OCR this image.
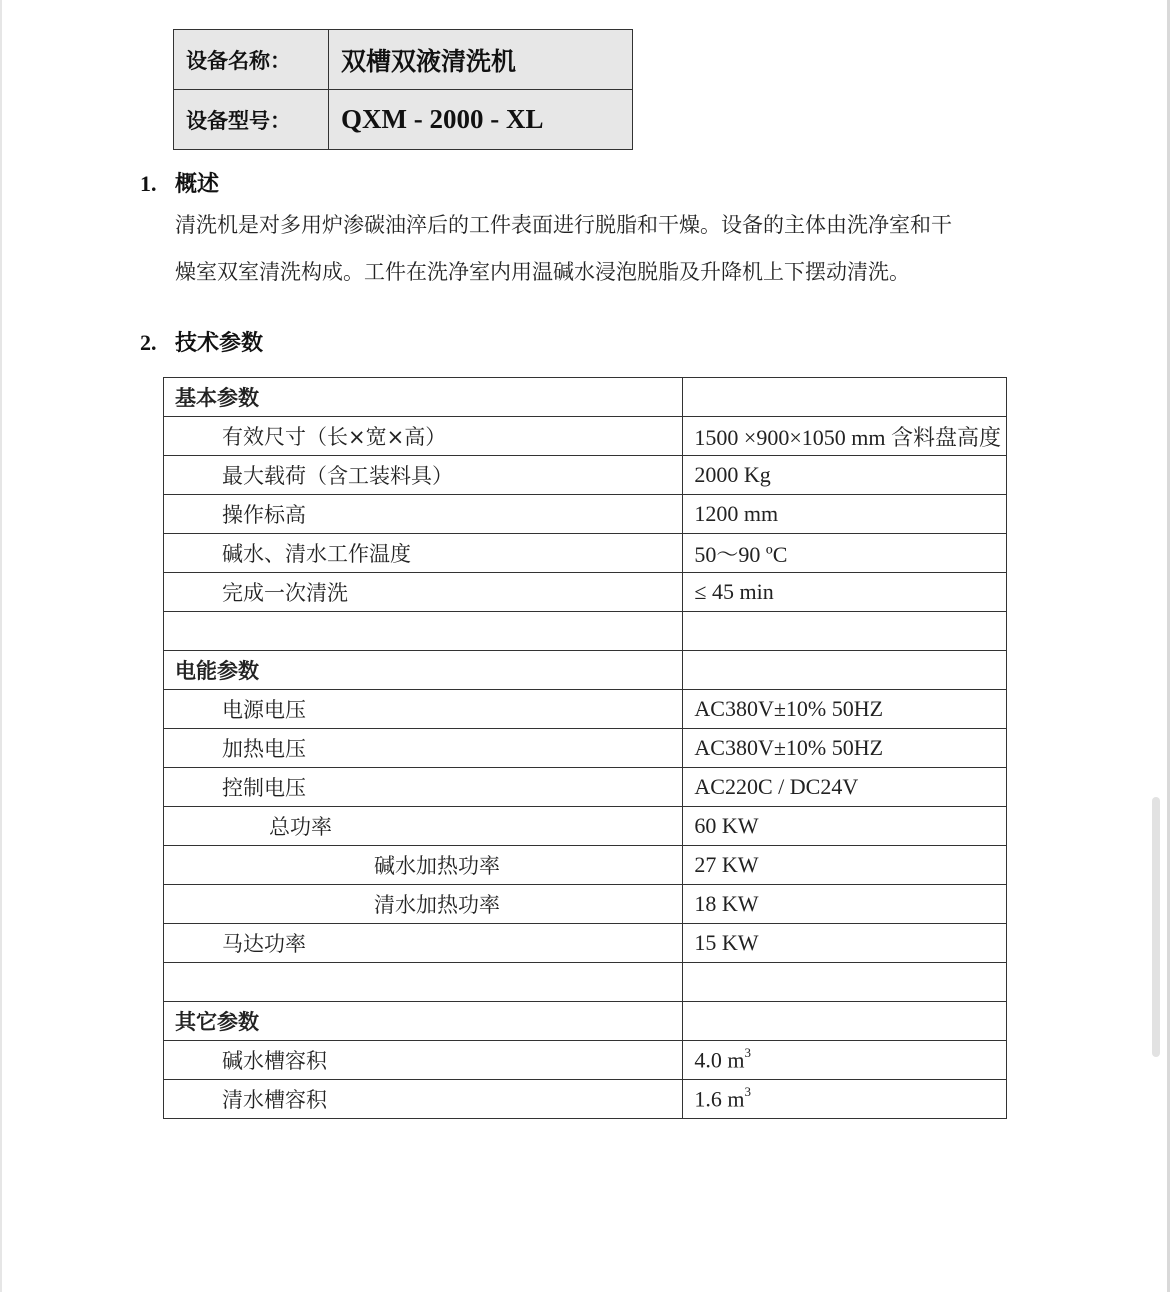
设备名称：	双槽双液清洗机
设备型号：	QXM - 2000 - XL
1. 概述
清洗机是对多用炉渗碳油淬后的工件表面进行脱脂和干燥。设备的主体由洗净室和干
燥室双室清洗构成。工件在洗净室内用温碱水浸泡脱脂及升降机上下摆动清洗。
2. 技术参数
基本参数	
有效尺寸（长×宽×高）	1500 ×900×1050 mm 含料盘高度
最大载荷（含工装料具）	2000 Kg
操作标高	1200 mm
碱水、清水工作温度	50～90 ºC
完成一次清洗	≤ 45 min

电能参数	
电源电压	AC380V±10% 50HZ
加热电压	AC380V±10% 50HZ
控制电压	AC220C / DC24V
总功率	60 KW
碱水加热功率	27 KW
清水加热功率	18 KW
马达功率	15 KW

其它参数	
碱水槽容积	4.0 $m^3$
清水槽容积	1.6 $m^3$
